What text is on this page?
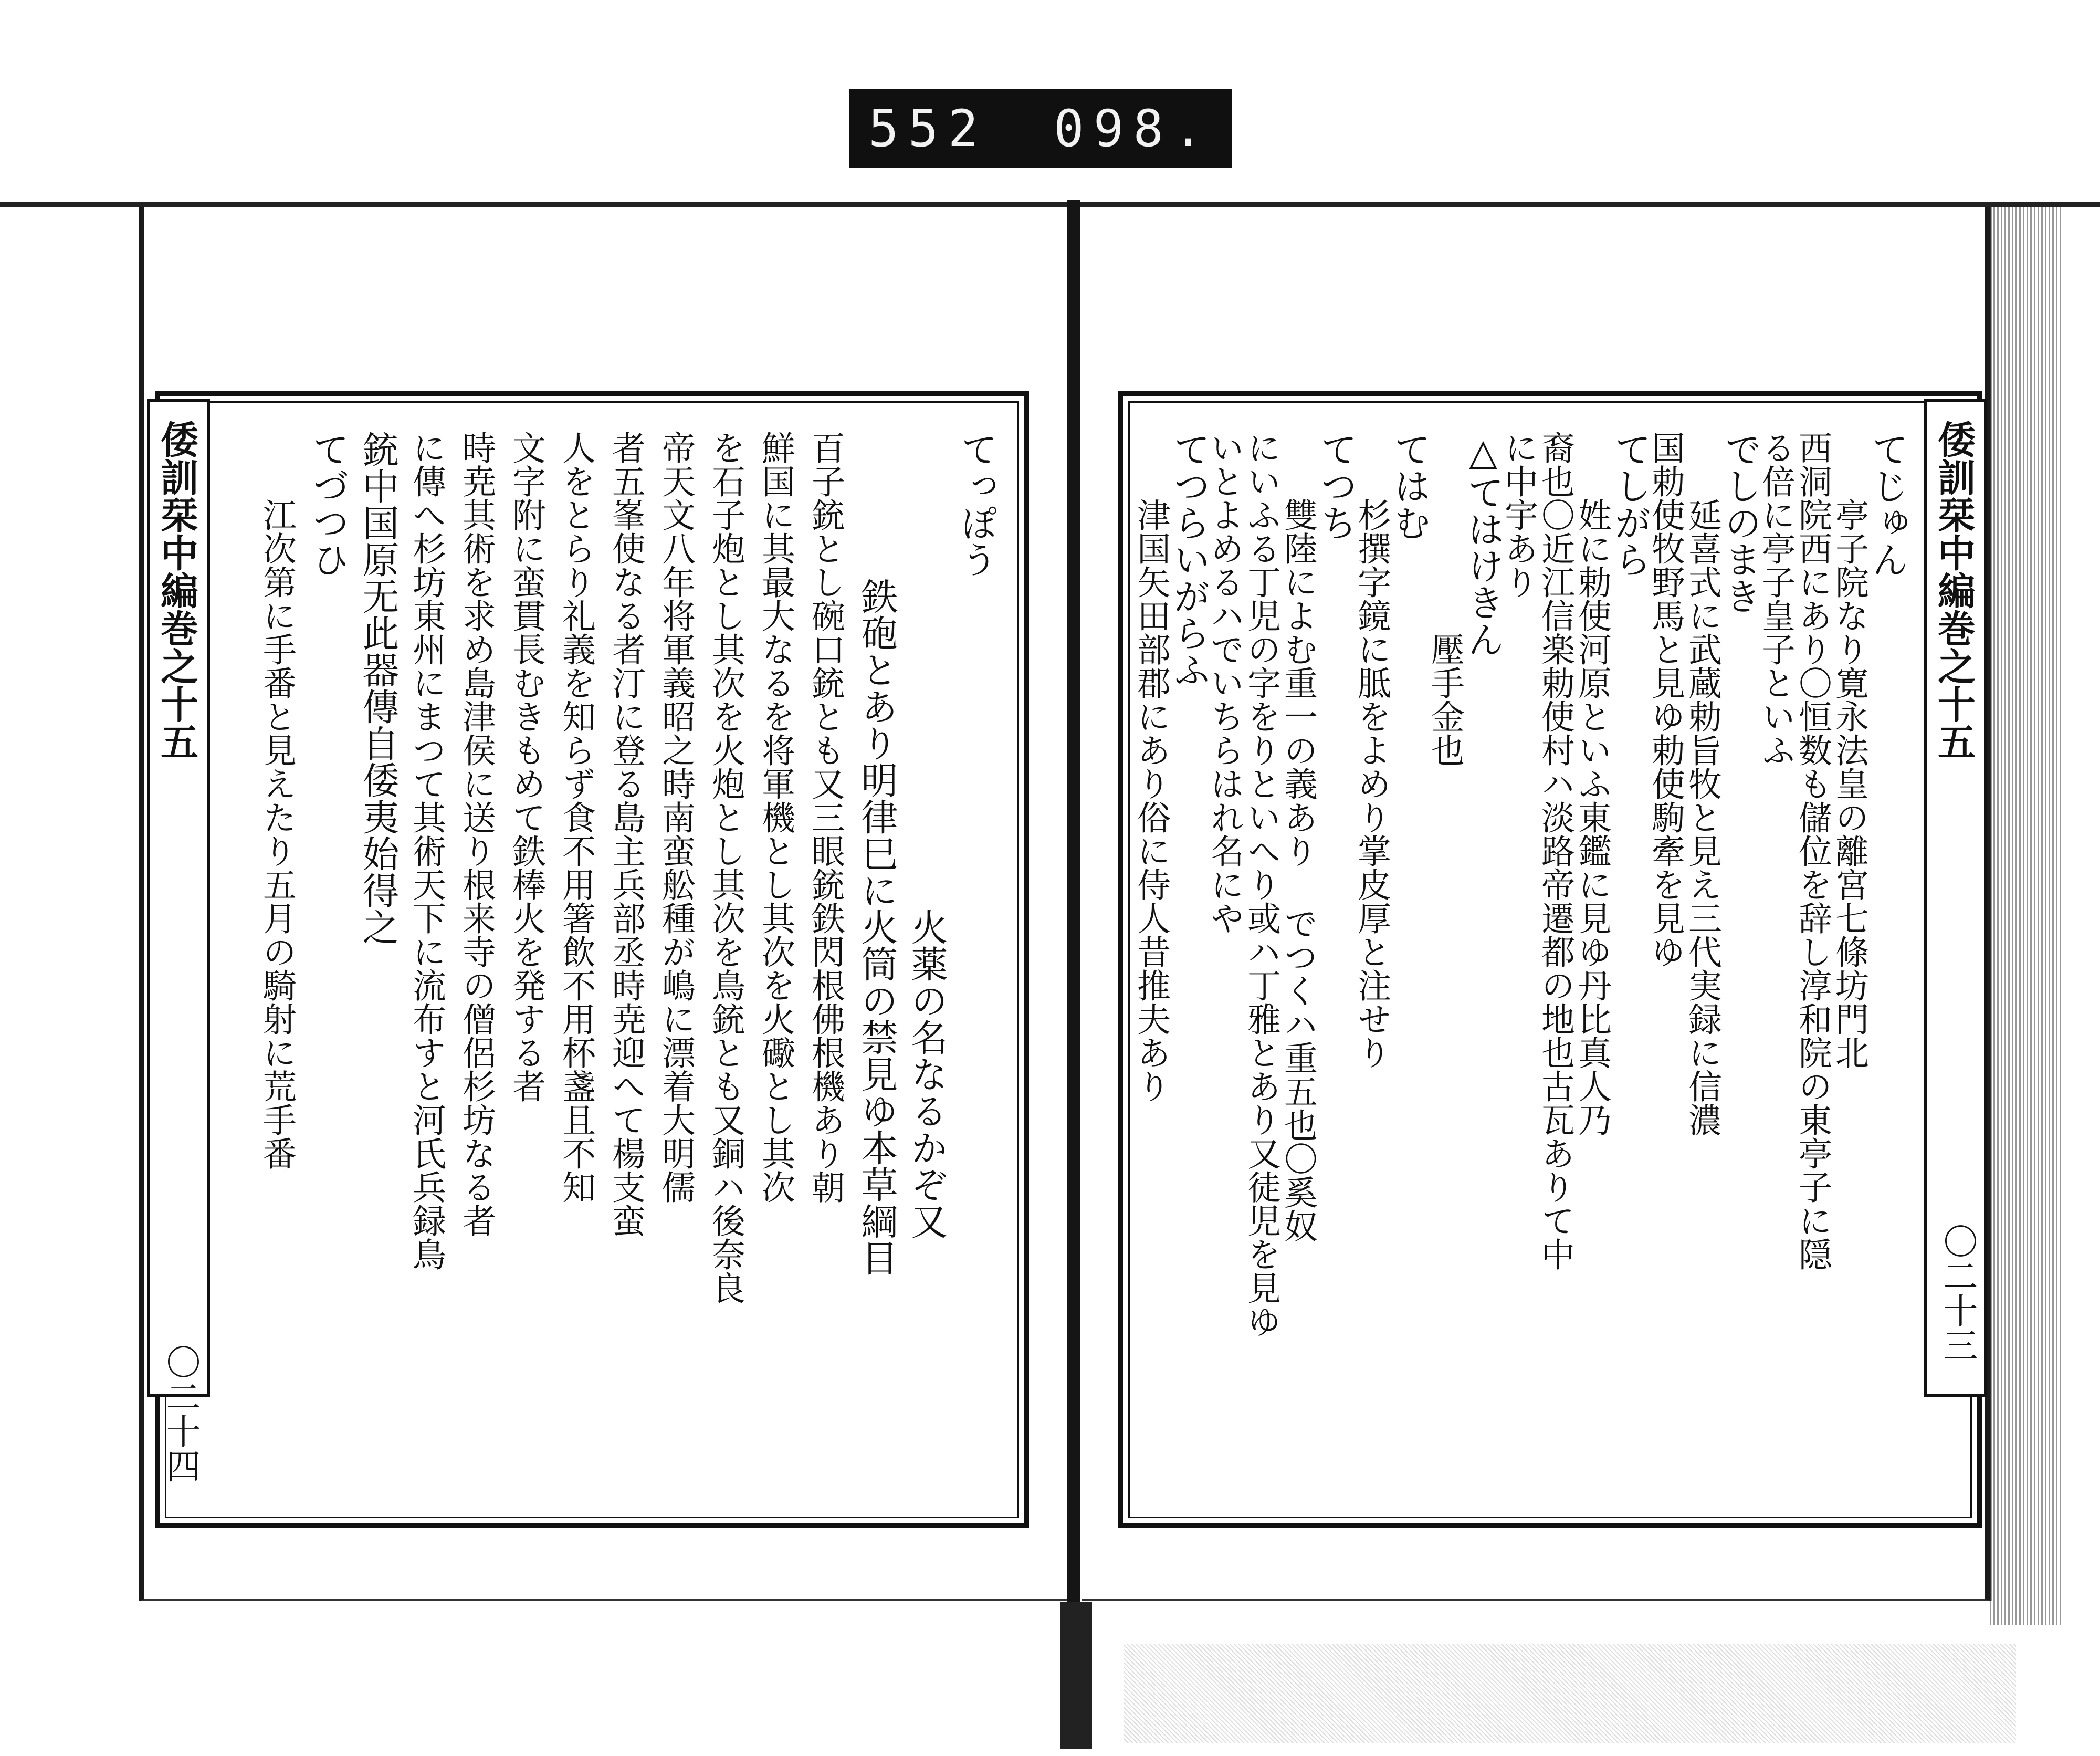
552 098.
倭訓栞中編巻之十五
〇二十四
てっぽう
　　　　　　　　　　　　　火薬の名なるかぞ又
　　　　鉄砲とあり明律巳に火筒の禁見ゆ本草綱目
百子銃とし碗口銃とも又三眼銃鉄閃根佛根機あり朝
鮮国に其最大なるを将軍機とし其次を火礮とし其次
を石子炮とし其次を火炮とし其次を鳥銃とも又銅ハ後奈良
帝天文八年将軍義昭之時南蛮舩種が嶋に漂着大明儒
者五峯使なる者汀に登る島主兵部丞時尭迎へて楊支蛮
人をとらり礼義を知らず食不用箸飲不用杯盞且不知
文字附に蛮貫長むきもめて鉄棒火を発する者
時尭其術を求め島津侯に送り根来寺の僧侶杉坊なる者
に傳へ杉坊東州にまつて其術天下に流布すと河氏兵録鳥
銃中国原无此器傳自倭夷始得之
てづつひ
　　江次第に手番と見えたり五月の騎射に荒手番	倭訓栞中編巻之十五
〇二十三
てじゅん
　　亭子院なり寛永法皇の離宮七條坊門北
西洞院西にあり〇恒数も儲位を辞し淳和院の東亭子に隠
る倍に亭子皇子といふ
でしのまき
　　延喜式に武蔵勅旨牧と見え三代実録に信濃
国勅使牧野馬と見ゆ勅使駒牽を見ゆ
てしがら
　　姓に勅使河原といふ東鑑に見ゆ丹比真人乃
裔也〇近江信楽勅使村ハ淡路帝遷都の地也古瓦ありて中
に中宇あり
△てはけきん
　　　　　　壓手金也
てはむ
　　杉撰字鏡に胝をよめり掌皮厚と注せり
てつち
　　雙陸によむ重一の義あり でつくハ重五也〇奚奴
にいふる丁児の字をりといへり或ハ丁雅とあり又徒児を見ゆ
いとよめるハでいちらはれ名にや
てつらいがらふ
　　津国矢田部郡にあり俗に侍人昔推夫あり
